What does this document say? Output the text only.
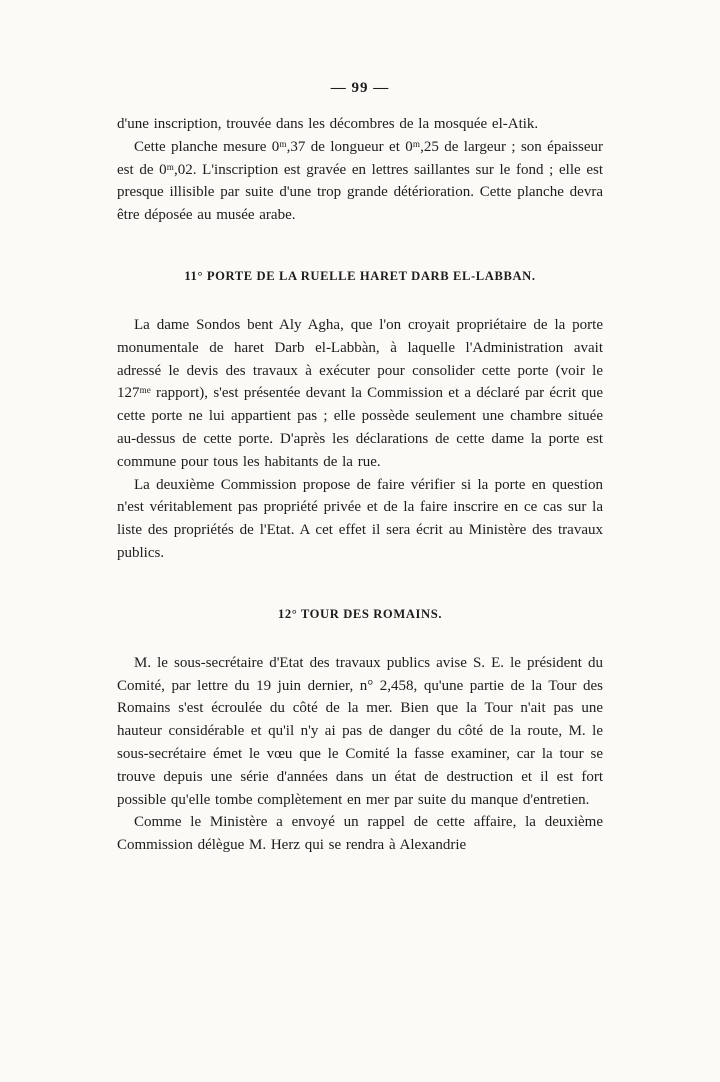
— 99 —

d'une inscription, trouvée dans les décombres de la mosquée el-Atik.

Cette planche mesure 0ᵐ,37 de longueur et 0ᵐ,25 de largeur ; son épaisseur est de 0ᵐ,02. L'inscription est gravée en lettres saillantes sur le fond ; elle est presque illisible par suite d'une trop grande détérioration. Cette planche devra être déposée au musée arabe.

11° PORTE DE LA RUELLE HARET DARB EL-LABBAN.

La dame Sondos bent Aly Agha, que l'on croyait propriétaire de la porte monumentale de haret Darb el-Labbàn, à laquelle l'Administration avait adressé le devis des travaux à exécuter pour consolider cette porte (voir le 127ᵐᵉ rapport), s'est présentée devant la Commission et a déclaré par écrit que cette porte ne lui appartient pas ; elle possède seulement une chambre située au-dessus de cette porte. D'après les déclarations de cette dame la porte est commune pour tous les habitants de la rue.

La deuxième Commission propose de faire vérifier si la porte en question n'est véritablement pas propriété privée et de la faire inscrire en ce cas sur la liste des propriétés de l'Etat. A cet effet il sera écrit au Ministère des travaux publics.

12° TOUR DES ROMAINS.

M. le sous-secrétaire d'Etat des travaux publics avise S. E. le président du Comité, par lettre du 19 juin dernier, n° 2,458, qu'une partie de la Tour des Romains s'est écroulée du côté de la mer. Bien que la Tour n'ait pas une hauteur considérable et qu'il n'y ai pas de danger du côté de la route, M. le sous-secrétaire émet le vœu que le Comité la fasse examiner, car la tour se trouve depuis une série d'années dans un état de destruction et il est fort possible qu'elle tombe complètement en mer par suite du manque d'entretien.

Comme le Ministère a envoyé un rappel de cette affaire, la deuxième Commission délègue M. Herz qui se rendra à Alexandrie
